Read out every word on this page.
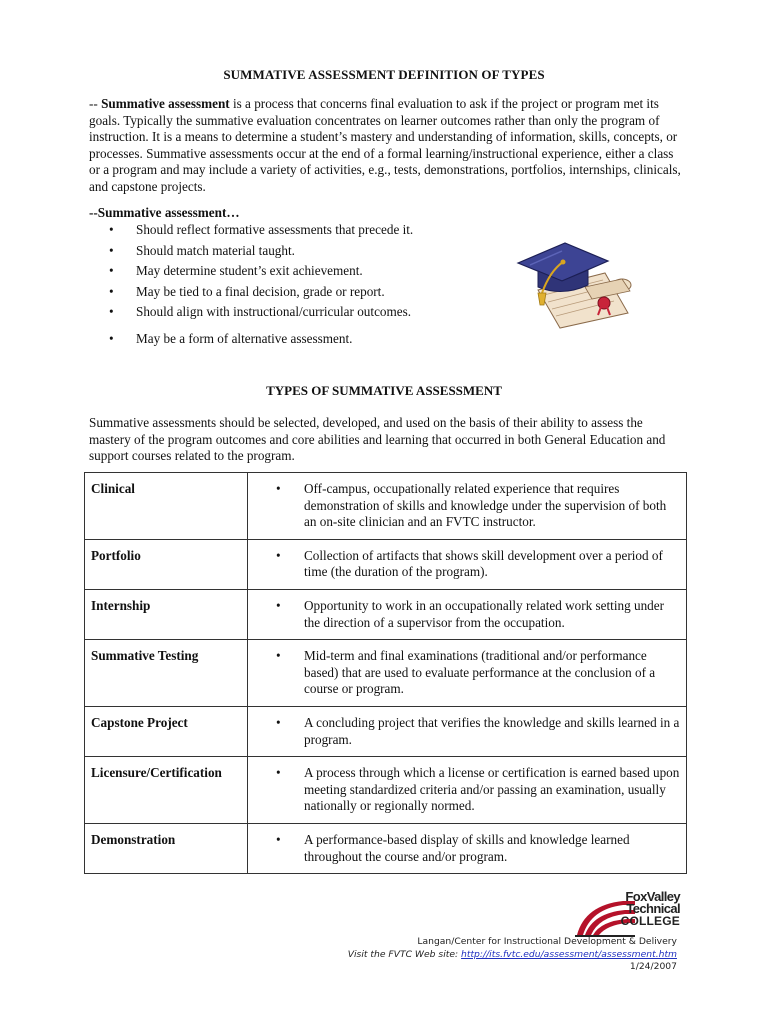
SUMMATIVE ASSESSMENT DEFINITION OF TYPES
-- Summative assessment is a process that concerns final evaluation to ask if the project or program met its goals. Typically the summative evaluation concentrates on learner outcomes rather than only the program of instruction. It is a means to determine a student’s mastery and understanding of information, skills, concepts, or processes. Summative assessments occur at the end of a formal learning/instructional experience, either a class or a program and may include a variety of activities, e.g., tests, demonstrations, portfolios, internships, clinicals, and capstone projects.
--Summative assessment…
• Should reflect formative assessments that precede it.
• Should match material taught.
• May determine student’s exit achievement.
• May be tied to a final decision, grade or report.
• Should align with instructional/curricular outcomes.
• May be a form of alternative assessment.
TYPES OF SUMMATIVE ASSESSMENT
Summative assessments should be selected, developed, and used on the basis of their ability to assess the mastery of the program outcomes and core abilities and learning that occurred in both General Education and support courses related to the program.
Clinical	• Off-campus, occupationally related experience that requires demonstration of skills and knowledge under the supervision of both an on-site clinician and an FVTC instructor.

Portfolio	• Collection of artifacts that shows skill development over a period of time (the duration of the program).

Internship	• Opportunity to work in an occupationally related work setting under the direction of a supervisor from the occupation.

Summative Testing	• Mid-term and final examinations (traditional and/or performance based) that are used to evaluate performance at the conclusion of a course or program.

Capstone Project	• A concluding project that verifies the knowledge and skills learned in a program.

Licensure/Certification	• A process through which a license or certification is earned based upon meeting standardized criteria and/or passing an examination, usually nationally or regionally normed.

Demonstration	• A performance-based display of skills and knowledge learned throughout the course and/or program.
FoxValley
Technical
COLLEGE
Langan/Center for Instructional Development & Delivery
Visit the FVTC Web site: http://its.fvtc.edu/assessment/assessment.htm
1/24/2007
